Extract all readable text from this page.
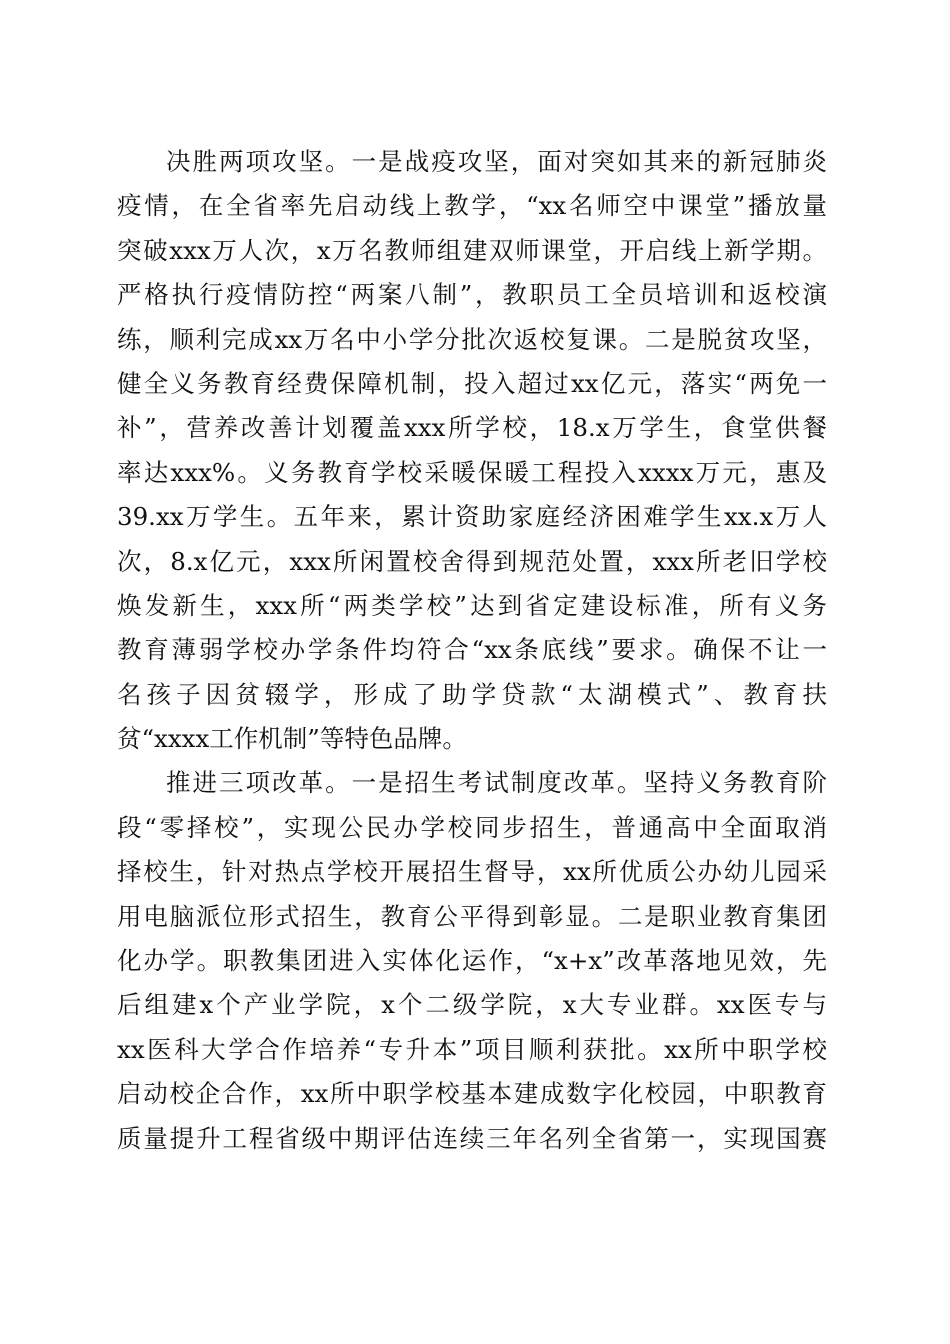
决胜两项攻坚。一是战疫攻坚，面对突如其来的新冠肺炎
疫情，在全省率先启动线上教学，“xx名师空中课堂”播放量
突破xxx万人次，x万名教师组建双师课堂，开启线上新学期。
严格执行疫情防控“两案八制”，教职员工全员培训和返校演
练，顺利完成xx万名中小学分批次返校复课。二是脱贫攻坚，
健全义务教育经费保障机制，投入超过xx亿元，落实“两免一
补”，营养改善计划覆盖xxx所学校，18.x万学生，食堂供餐
率达xxx%。义务教育学校采暖保暖工程投入xxxx万元，惠及
39.xx万学生。五年来，累计资助家庭经济困难学生xx.x万人
次，8.x亿元，xxx所闲置校舍得到规范处置，xxx所老旧学校
焕发新生，xxx所“两类学校”达到省定建设标准，所有义务
教育薄弱学校办学条件均符合“xx条底线”要求。确保不让一
名孩子因贫辍学，形成了助学贷款“太湖模式”、教育扶
贫“xxxx工作机制”等特色品牌。
推进三项改革。一是招生考试制度改革。坚持义务教育阶
段“零择校”，实现公民办学校同步招生，普通高中全面取消
择校生，针对热点学校开展招生督导，xx所优质公办幼儿园采
用电脑派位形式招生，教育公平得到彰显。二是职业教育集团
化办学。职教集团进入实体化运作，“x+x”改革落地见效，先
后组建x个产业学院，x个二级学院，x大专业群。xx医专与
xx医科大学合作培养“专升本”项目顺利获批。xx所中职学校
启动校企合作，xx所中职学校基本建成数字化校园，中职教育
质量提升工程省级中期评估连续三年名列全省第一，实现国赛
